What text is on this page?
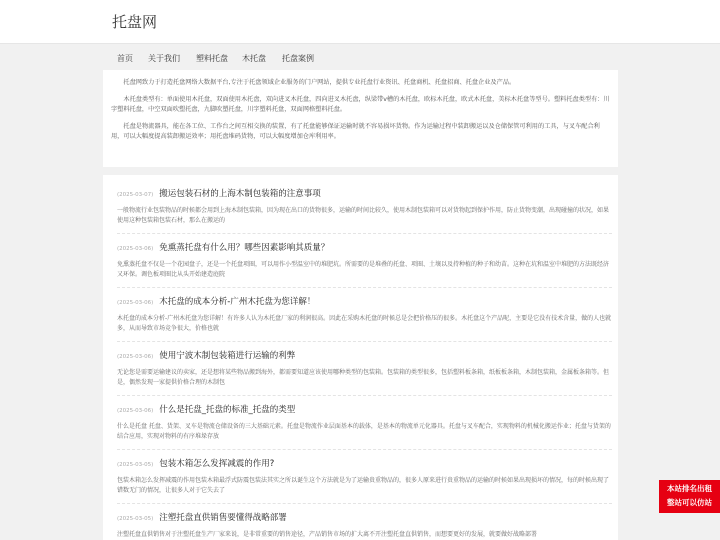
托盘网
首页 关于我们 塑料托盘 木托盘 托盘案例

托盘网致力于打造托盘网络大数据平台,专注于托盘领域企业服务的门户网站，提供专业托盘行业资讯、托盘商机、托盘招商、托盘企业及产品。

木托盘类型有：单面使用木托盘，双面使用木托盘，双向进叉木托盘，四向进叉木托盘，纵梁带v槽的木托盘，欧标木托盘，欧式木托盘，美标木托盘等型号。塑料托盘类型有：川字塑料托盘，中空双面吹塑托盘，九脚吹塑托盘，川字塑料托盘，双面网格塑料托盘。

托盘是物流器具，能在各工位、工作台之间互相交换的装置，有了托盘能够保证运输时就不容易损坏货物。作为运输过程中装卸搬运以及仓储保管可利用的工具，与叉车配合利用，可以大幅度提高装卸搬运效率；用托盘堆码货物，可以大幅度增加仓库利用率。

(2025-03-07) 搬运包装石材的上海木制包装箱的注意事项
一般物流行业包装物品的时候都会用到上海木制包装箱，因为现在出口的货物很多，运输的时间比较久，使用木制包装箱可以对货物起到保护作用，防止货物变潮，出现碰撞的状况，如果使用这种包装箱包装石材，那么在搬运的
(2025-03-06) 免熏蒸托盘有什么用？哪些因素影响其质量？
免熏蒸托盘不仅是一个花园盘子，还是一个托盘项圈，可以用作小型温室中的堆肥坑。所需要的是堆叠的托盘、项圈、土壤以及持种植的种子和幼苗。这种在坑和温室中堆肥的方法既经济又环保。调色板项圈比从头开始建造庭院
(2025-03-06) 木托盘的成本分析-广州木托盘为您详解！
木托盘的成本分析-广州木托盘为您详解！有许多人认为木托盘厂家的利润很高。因此在采购木托盘的时候总是会把价格压的很多。木托盘这个产品呢，主要是它没有技术含量，做的人也就多，从而导致市场竞争很大，价格也就
(2025-03-06) 使用宁波木制包装箱进行运输的利弊
无论您是需要运输建议的卖家，还是想将某些物品搬到海外，都需要知道应该使用哪种类型的包装箱。包装箱的类型很多，包括塑料板条箱，纸板板条箱，木制包装箱，金属板条箱等。但是，偶然发现一家提供价格合理的木制包
(2025-03-06) 什么是托盘_托盘的标准_托盘的类型
什么是托盘 托盘、货架、叉车是物流仓储设备的三大基础元素。托盘是物流作业层面基本的载体，是基本的物流单元化器具。托盘与叉车配合，实现物料的机械化搬运作业；托盘与货架的结合应用，实现对物料的有序堆垛存放
(2025-03-05) 包装木箱怎么发挥减震的作用?
包装木箱怎么发挥减震的作用包装木箱最浮式防震包装法其实之所以诞生这个方法就是为了运输贵重物品的，很多人原来进行贵重物品的运输的时候如果出现损坏的情况，每的时候出现了错数无门的情况，让很多人对于它失去了
(2025-03-05) 注塑托盘直供销售要懂得战略部署
注塑托盘直供销售对于注塑托盘生产厂家来说，是非常重要的销售途径，产品销售市场的扩大离不开注塑托盘直供销售，而想要更好的发展，就要做好战略部署
本站排名出租
整站可以仿站
